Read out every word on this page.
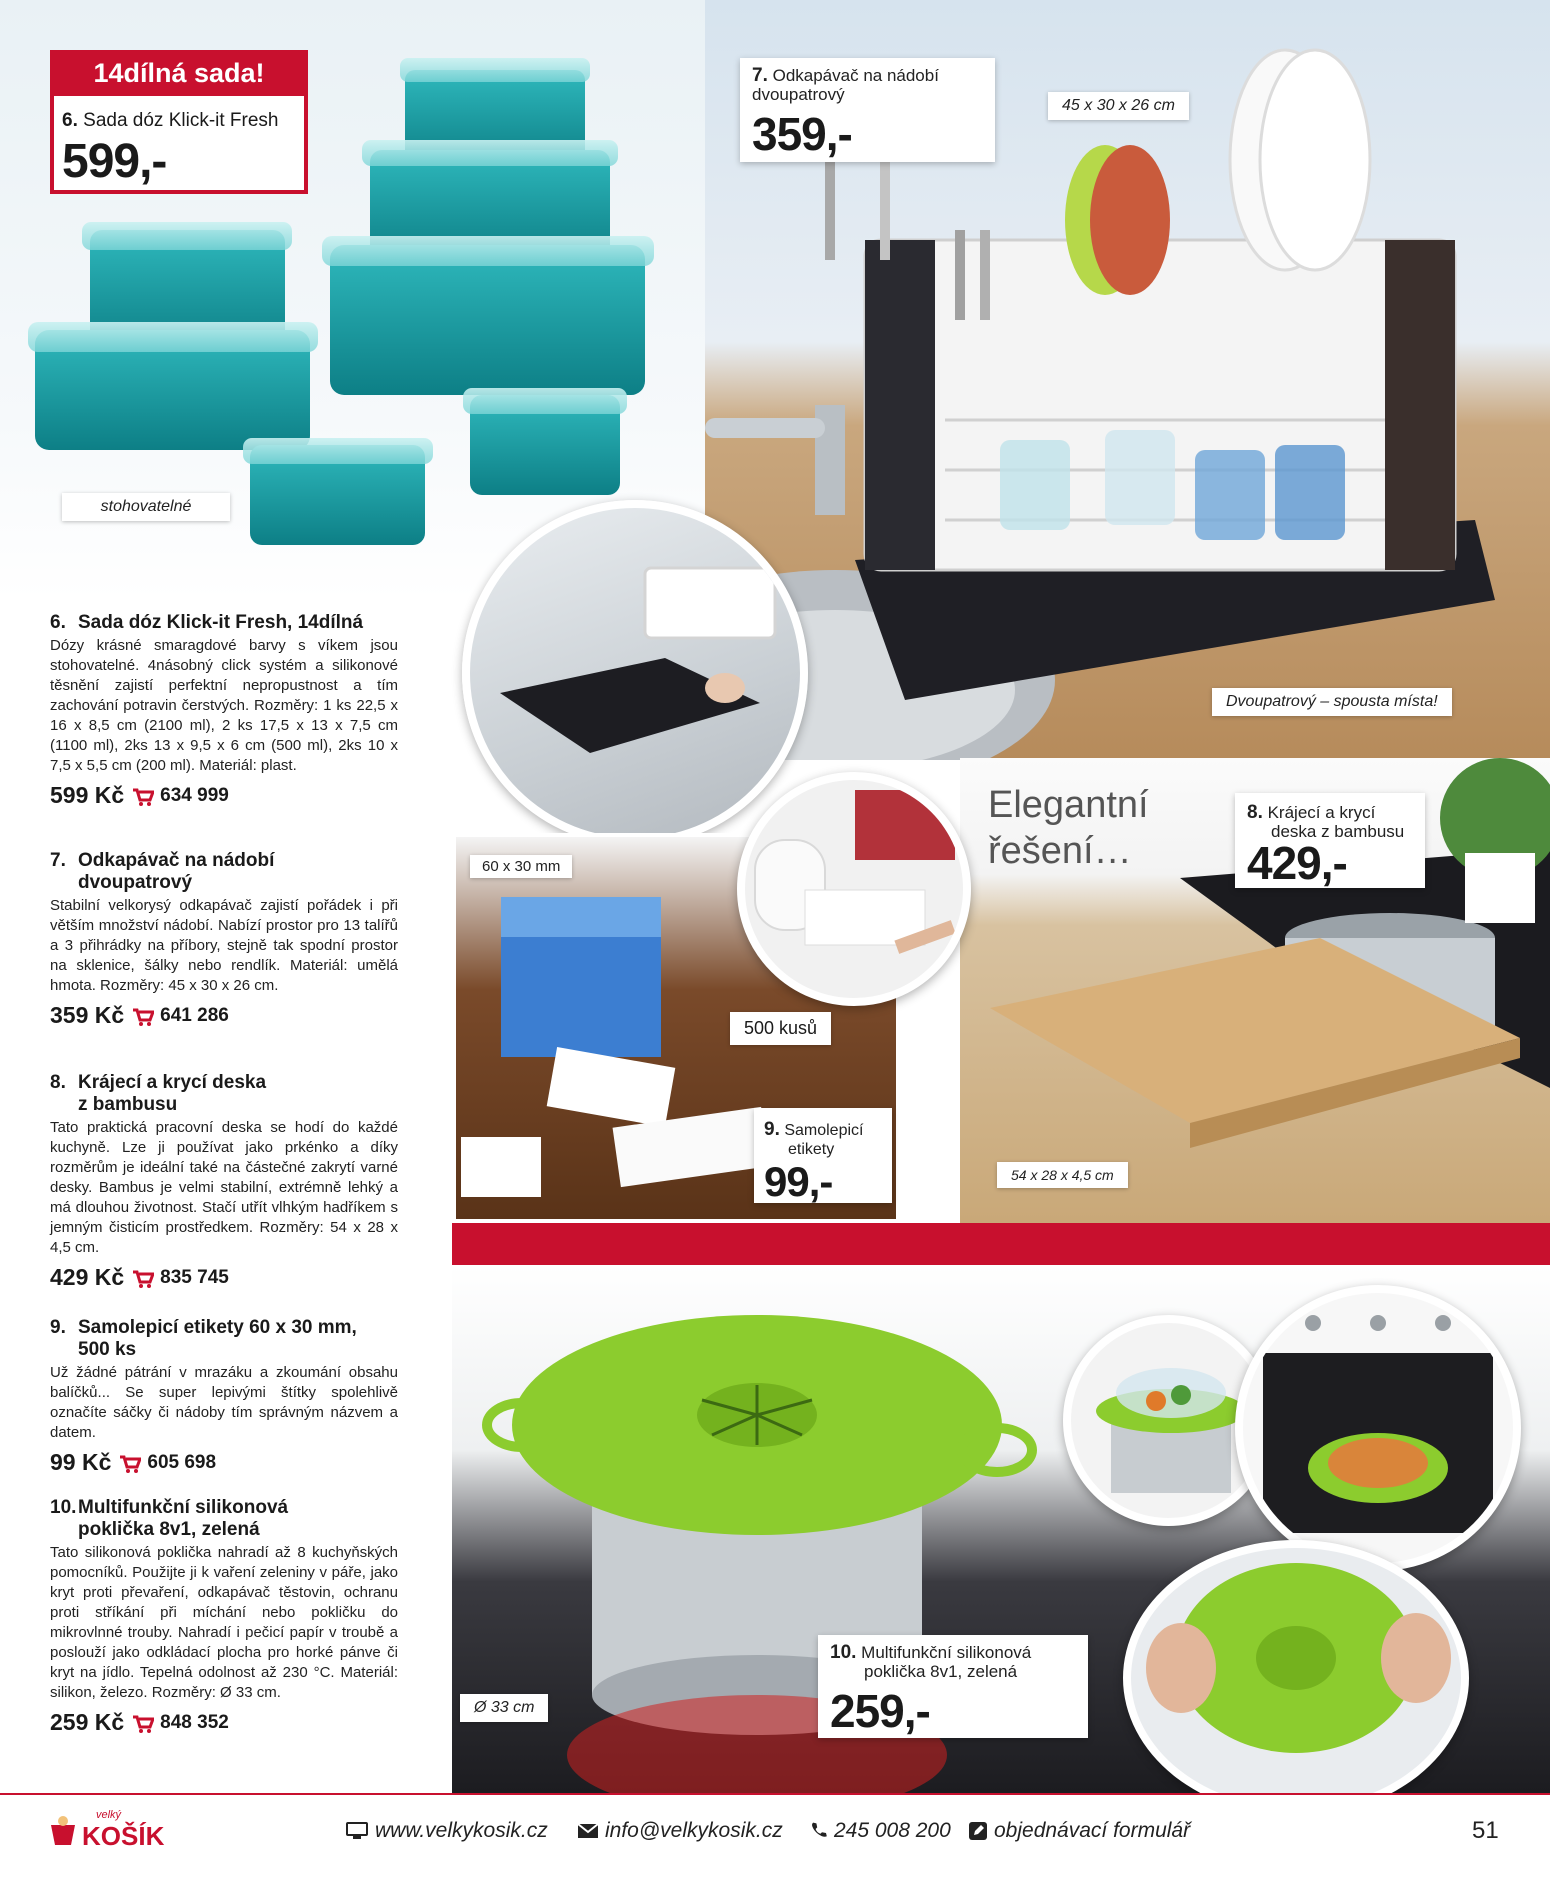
14dílná sada!
6. Sada dóz Klick-it Fresh
599,-
stohovatelné
7. Odkapávač na nádobí
dvoupatrový
359,-
45 x 30 x 26 cm
Dvoupatrový – spousta místa!
Elegantní řešení…
8. Krájecí a krycí
deska z bambusu
429,-
54 x 28 x 4,5 cm
60 x 30 mm
500 kusů
9. Samolepicí
etikety
99,-
Ø 33 cm
10. Multifunkční silikonová
poklička 8v1, zelená
259,-
6. Sada dóz Klick-it Fresh, 14dílná

Dózy krásné smaragdové barvy s víkem jsou stohovatelné. 4násobný click systém a silikonové těsnění zajistí perfektní nepropustnost a tím zachování potravin čerstvých. Rozměry: 1 ks 22,5 x 16 x 8,5 cm (2100 ml), 2 ks 17,5 x 13 x 7,5 cm (1100 ml), 2ks 13 x 9,5 x 6 cm (500 ml), 2ks 10 x 7,5 x 5,5 cm (200 ml). Materiál: plast.

599 Kč 634 999
7. Odkapávač na nádobí
dvoupatrový

Stabilní velkorysý odkapávač zajistí pořádek i při větším množství nádobí. Nabízí prostor pro 13 talířů a 3 přihrádky na příbory, stejně tak spodní prostor na sklenice, šálky nebo rendlík. Materiál: umělá hmota. Rozměry: 45 x 30 x 26 cm.

359 Kč 641 286
8. Krájecí a krycí deska
z bambusu

Tato praktická pracovní deska se hodí do každé kuchyně. Lze ji používat jako prkénko a díky rozměrům je ideální také na částečné zakrytí varné desky. Bambus je velmi stabilní, extrémně lehký a má dlouhou životnost. Stačí utřít vlhkým hadříkem s jemným čisticím prostředkem. Rozměry: 54 x 28 x 4,5 cm.

429 Kč 835 745
9. Samolepicí etikety 60 x 30 mm,
500 ks

Už žádné pátrání v mrazáku a zkoumání obsahu balíčků... Se super lepivými štítky spolehlivě označíte sáčky či nádoby tím správným názvem a datem.

99 Kč 605 698
10.Multifunkční silikonová
poklička 8v1, zelená

Tato silikonová poklička nahradí až 8 kuchyňských pomocníků. Použijte ji k vaření zeleniny v páře, jako kryt proti převaření, odkapávač těstovin, ochranu proti stříkání při míchání nebo pokličku do mikrovlnné trouby. Nahradí i pečicí papír v troubě a poslouží jako odkládací plocha pro horké pánve či kryt na jídlo. Tepelná odolnost až 230 °C. Materiál: silikon, železo. Rozměry: Ø 33 cm.

259 Kč 848 352
velký
KOŠÍK	www.velkykosik.cz	info@velkykosik.cz 245 008 200 objednávací formulář	51
